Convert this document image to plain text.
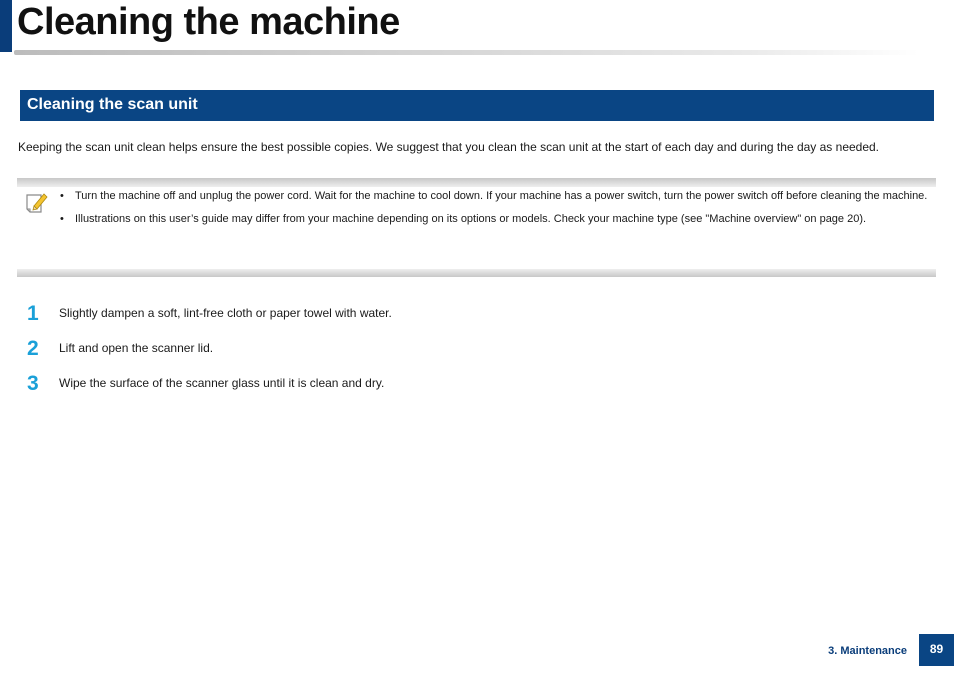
Cleaning the machine
Cleaning the scan unit

Keeping the scan unit clean helps ensure the best possible copies. We suggest that you clean the scan unit at the start of each day and during the day as needed.

• Turn the machine off and unplug the power cord. Wait for the machine to cool down. If your machine has a power switch, turn the power switch off before cleaning the machine.
• Illustrations on this user’s guide may differ from your machine depending on its options or models. Check your machine type (see "Machine overview" on page 20).
1	Slightly dampen a soft, lint-free cloth or paper towel with water.
2	Lift and open the scanner lid.
3	Wipe the surface of the scanner glass until it is clean and dry.
3. Maintenance	89
